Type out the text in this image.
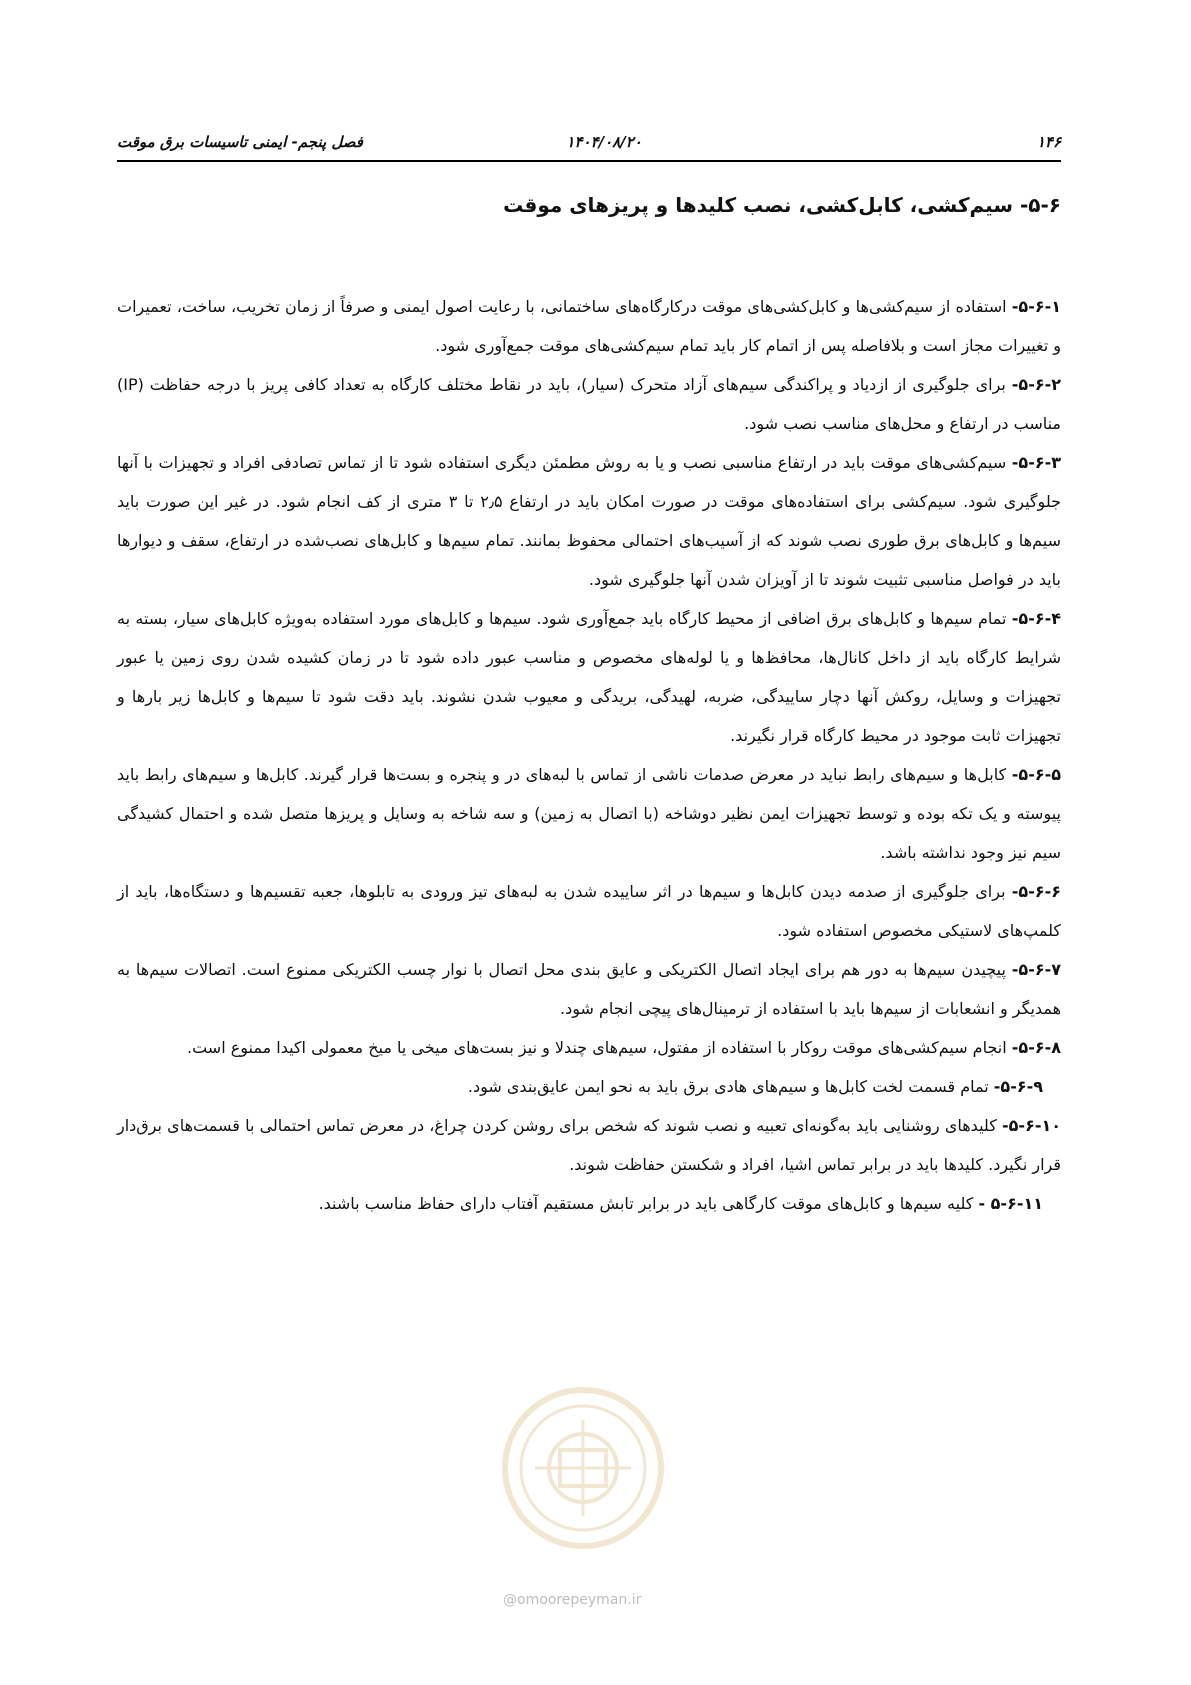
۱۴۶
۱۴۰۴/۰۸/۲۰
فصل پنجم- ایمنی تاسیسات برق موقت
۵-۶- سیم‌کشی، کابل‌کشی، نصب کلیدها و پریزهای موقت

۵-۶-۱- استفاده از سیم‌کشی‌ها و کابل‌کشی‌های موقت درکارگاه‌های ساختمانی، با رعایت اصول ایمنی و صرفاً از زمان تخریب، ساخت، تعمیرات و تغییرات مجاز است و بلافاصله پس از اتمام کار باید تمام سیم‌کشی‌های موقت جمع‌آوری شود.

۵-۶-۲- برای جلوگیری از ازدیاد و پراکندگی سیم‌های آزاد متحرک (سیار)، باید در نقاط مختلف کارگاه به تعداد کافی پریز با درجه حفاظت (IP) مناسب در ارتفاع و محل‌های مناسب نصب شود.

۵-۶-۳- سیم‌کشی‌های موقت باید در ارتفاع مناسبی نصب و یا به روش مطمئن دیگری استفاده شود تا از تماس تصادفی افراد و تجهیزات با آنها جلوگیری شود. سیم‌کشی برای استفاده‌های موقت در صورت امکان باید در ارتفاع ۲٫۵ تا ۳ متری از کف انجام شود. در غیر این صورت باید سیم‌ها و کابل‌های برق طوری نصب شوند که از آسیب‌های احتمالی محفوظ بمانند. تمام سیم‌ها و کابل‌های نصب‌شده در ارتفاع، سقف و دیوارها باید در فواصل مناسبی تثبیت شوند تا از آویزان شدن آنها جلوگیری شود.

۵-۶-۴- تمام سیم‌ها و کابل‌های برق اضافی از محیط کارگاه باید جمع‌آوری شود. سیم‌ها و کابل‌های مورد استفاده به‌ویژه کابل‌های سیار، بسته به شرایط کارگاه باید از داخل کانال‌ها، محافظ‌ها و یا لوله‌های مخصوص و مناسب عبور داده شود تا در زمان کشیده شدن روی زمین یا عبور تجهیزات و وسایل، روکش آنها دچار ساییدگی، ضربه، لهیدگی، بریدگی و معیوب شدن نشوند. باید دقت شود تا سیم‌ها و کابل‌ها زیر بارها و تجهیزات ثابت موجود در محیط کارگاه قرار نگیرند.

۵-۶-۵- کابل‌ها و سیم‌های رابط نباید در معرض صدمات ناشی از تماس با لبه‌های در و پنجره و بست‌ها قرار گیرند. کابل‌ها و سیم‌های رابط باید پیوسته و یک تکه بوده و توسط تجهیزات ایمن نظیر دوشاخه (با اتصال به زمین) و سه شاخه به وسایل و پریزها متصل شده و احتمال کشیدگی سیم نیز وجود نداشته باشد.

۵-۶-۶- برای جلوگیری از صدمه دیدن کابل‌ها و سیم‌ها در اثر ساییده شدن به لبه‌های تیز ورودی به تابلوها، جعبه تقسیم‌ها و دستگاه‌ها، باید از کلمپ‌های لاستیکی مخصوص استفاده شود.

۵-۶-۷- پیچیدن سیم‌ها به دور هم برای ایجاد اتصال الکتریکی و عایق بندی محل اتصال با نوار چسب الکتریکی ممنوع است. اتصالات سیم‌ها به همدیگر و انشعابات از سیم‌ها باید با استفاده از ترمینال‌های پیچی انجام شود.

۵-۶-۸- انجام سیم‌کشی‌های موقت روکار با استفاده از مفتول، سیم‌های چندلا و نیز بست‌های میخی یا میخ معمولی اکیدا ممنوع است.

۵-۶-۹- تمام قسمت لخت کابل‌ها و سیم‌های هادی برق باید به نحو ایمن عایق‌بندی شود.

۵-۶-۱۰- کلیدهای روشنایی باید به‌گونه‌ای تعبیه و نصب شوند که شخص برای روشن کردن چراغ، در معرض تماس احتمالی با قسمت‌های برق‌دار قرار نگیرد. کلیدها باید در برابر تماس اشیا، افراد و شکستن حفاظت شوند.

۵-۶-۱۱ - کلیه سیم‌ها و کابل‌های موقت کارگاهی باید در برابر تابش مستقیم آفتاب دارای حفاظ مناسب باشند.

@omoorepeyman.ir
